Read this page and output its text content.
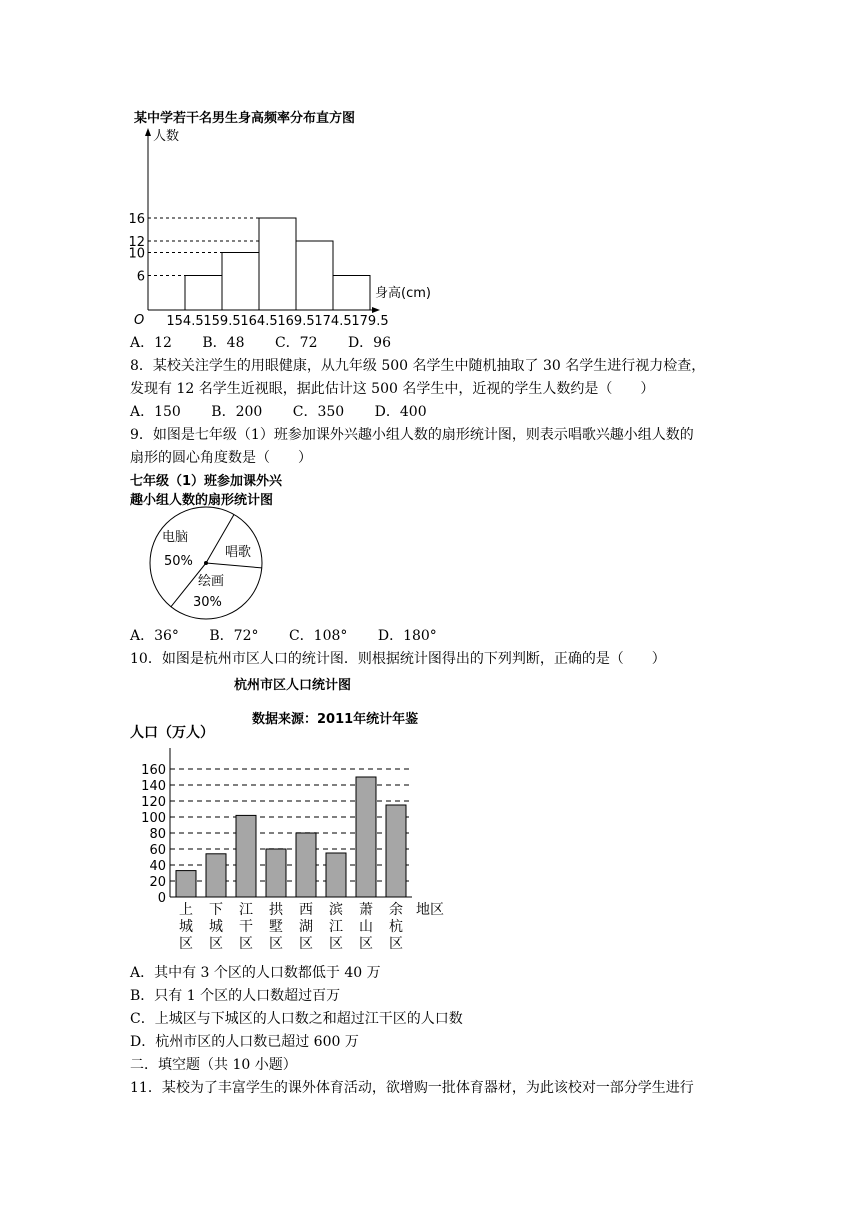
某中学若干名男生身高频率分布直方图
人数
身高(cm)
O
6
10
12
16
154.5 159.5 164.5 169.5 174.5 179.5
A．12 B．48 C．72 D．96
8．某校关注学生的用眼健康，从九年级 500 名学生中随机抽取了 30 名学生进行视力检查，
发现有 12 名学生近视眼，据此估计这 500 名学生中，近视的学生人数约是（　　）
A．150 B．200 C．350 D．400
9．如图是七年级（1）班参加课外兴趣小组人数的扇形统计图，则表示唱歌兴趣小组人数的
扇形的圆心角度数是（　　）
七年级（1）班参加课外兴
趣小组人数的扇形统计图
电脑
50%
唱歌
绘画
30%
A．36° B．72° C．108° D．180°
10．如图是杭州市区人口的统计图．则根据统计图得出的下列判断，正确的是（　　）
杭州市区人口统计图
数据来源：2011年统计年鉴
人口（万人）
0
20
40
60
80
100
120
140
160
上城区
下城区
江干区
拱墅区
西湖区
滨江区
萧山区
余杭区
地区
A．其中有 3 个区的人口数都低于 40 万
B．只有 1 个区的人口数超过百万
C．上城区与下城区的人口数之和超过江干区的人口数
D．杭州市区的人口数已超过 600 万
二．填空题（共 10 小题）
11．某校为了丰富学生的课外体育活动，欲增购一批体育器材，为此该校对一部分学生进行
